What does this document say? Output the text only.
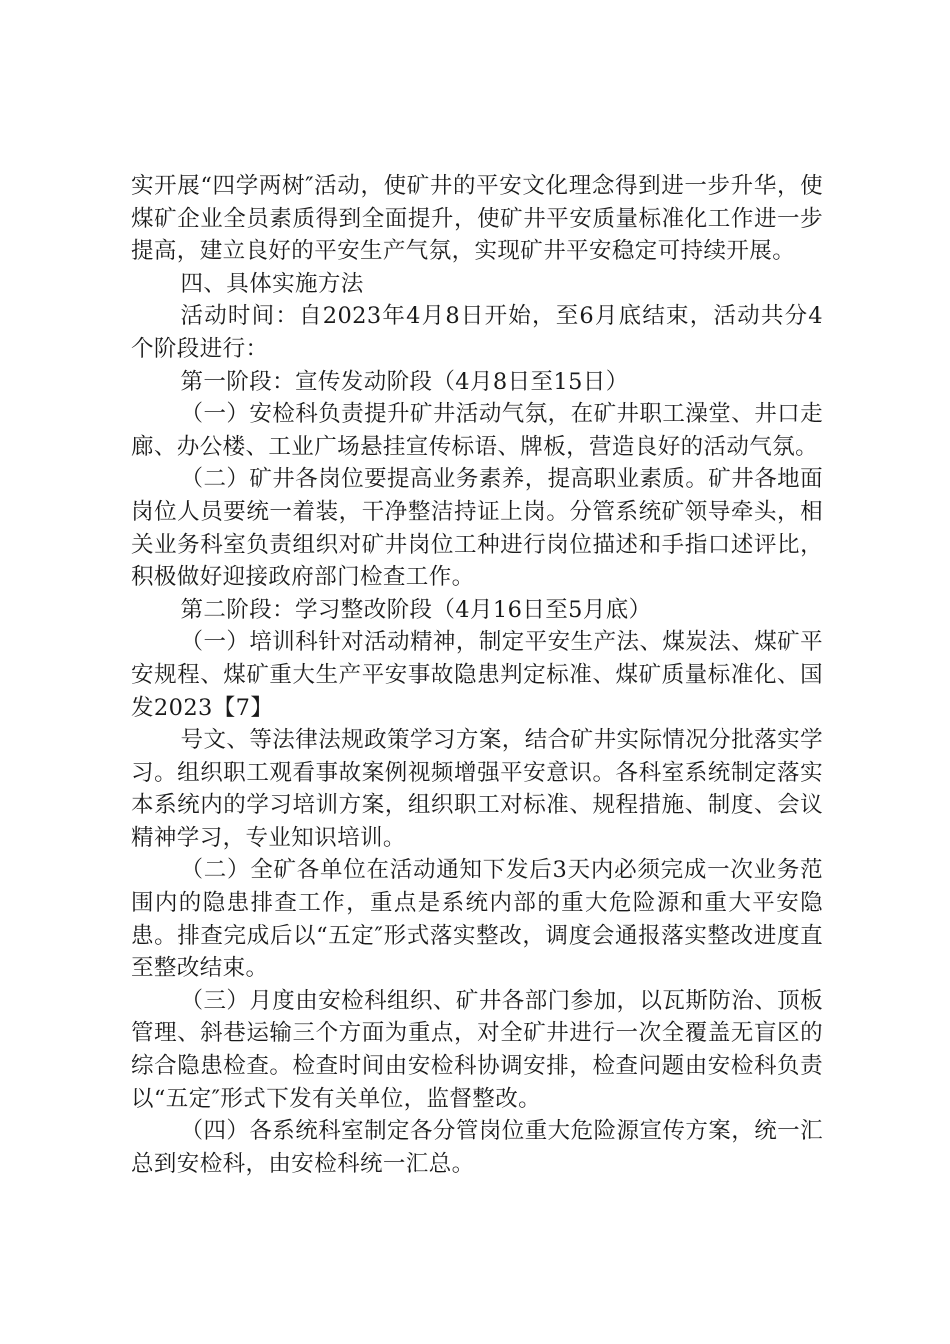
实开展“四学两树″活动，使矿井的平安文化理念得到进一步升华，使煤矿企业全员素质得到全面提升，使矿井平安质量标准化工作进一步提高，建立良好的平安生产气氛，实现矿井平安稳定可持续开展。

四、具体实施方法

活动时间：自2023年4月8日开始，至6月底结束，活动共分4个阶段进行：

第一阶段：宣传发动阶段（4月8日至15日）

（一）安检科负责提升矿井活动气氛，在矿井职工澡堂、井口走廊、办公楼、工业广场悬挂宣传标语、牌板，营造良好的活动气氛。

（二）矿井各岗位要提高业务素养，提高职业素质。矿井各地面岗位人员要统一着装，干净整洁持证上岗。分管系统矿领导牵头，相关业务科室负责组织对矿井岗位工种进行岗位描述和手指口述评比，积极做好迎接政府部门检查工作。

第二阶段：学习整改阶段（4月16日至5月底）

（一）培训科针对活动精神，制定平安生产法、煤炭法、煤矿平安规程、煤矿重大生产平安事故隐患判定标准、煤矿质量标准化、国发2023【7】

号文、等法律法规政策学习方案，结合矿井实际情况分批落实学习。组织职工观看事故案例视频增强平安意识。各科室系统制定落实本系统内的学习培训方案，组织职工对标准、规程措施、制度、会议精神学习，专业知识培训。

（二）全矿各单位在活动通知下发后3天内必须完成一次业务范围内的隐患排查工作，重点是系统内部的重大危险源和重大平安隐患。排查完成后以“五定″形式落实整改，调度会通报落实整改进度直至整改结束。

（三）月度由安检科组织、矿井各部门参加，以瓦斯防治、顶板管理、斜巷运输三个方面为重点，对全矿井进行一次全覆盖无盲区的综合隐患检查。检查时间由安检科协调安排，检查问题由安检科负责以“五定″形式下发有关单位，监督整改。

（四）各系统科室制定各分管岗位重大危险源宣传方案，统一汇总到安检科，由安检科统一汇总。
